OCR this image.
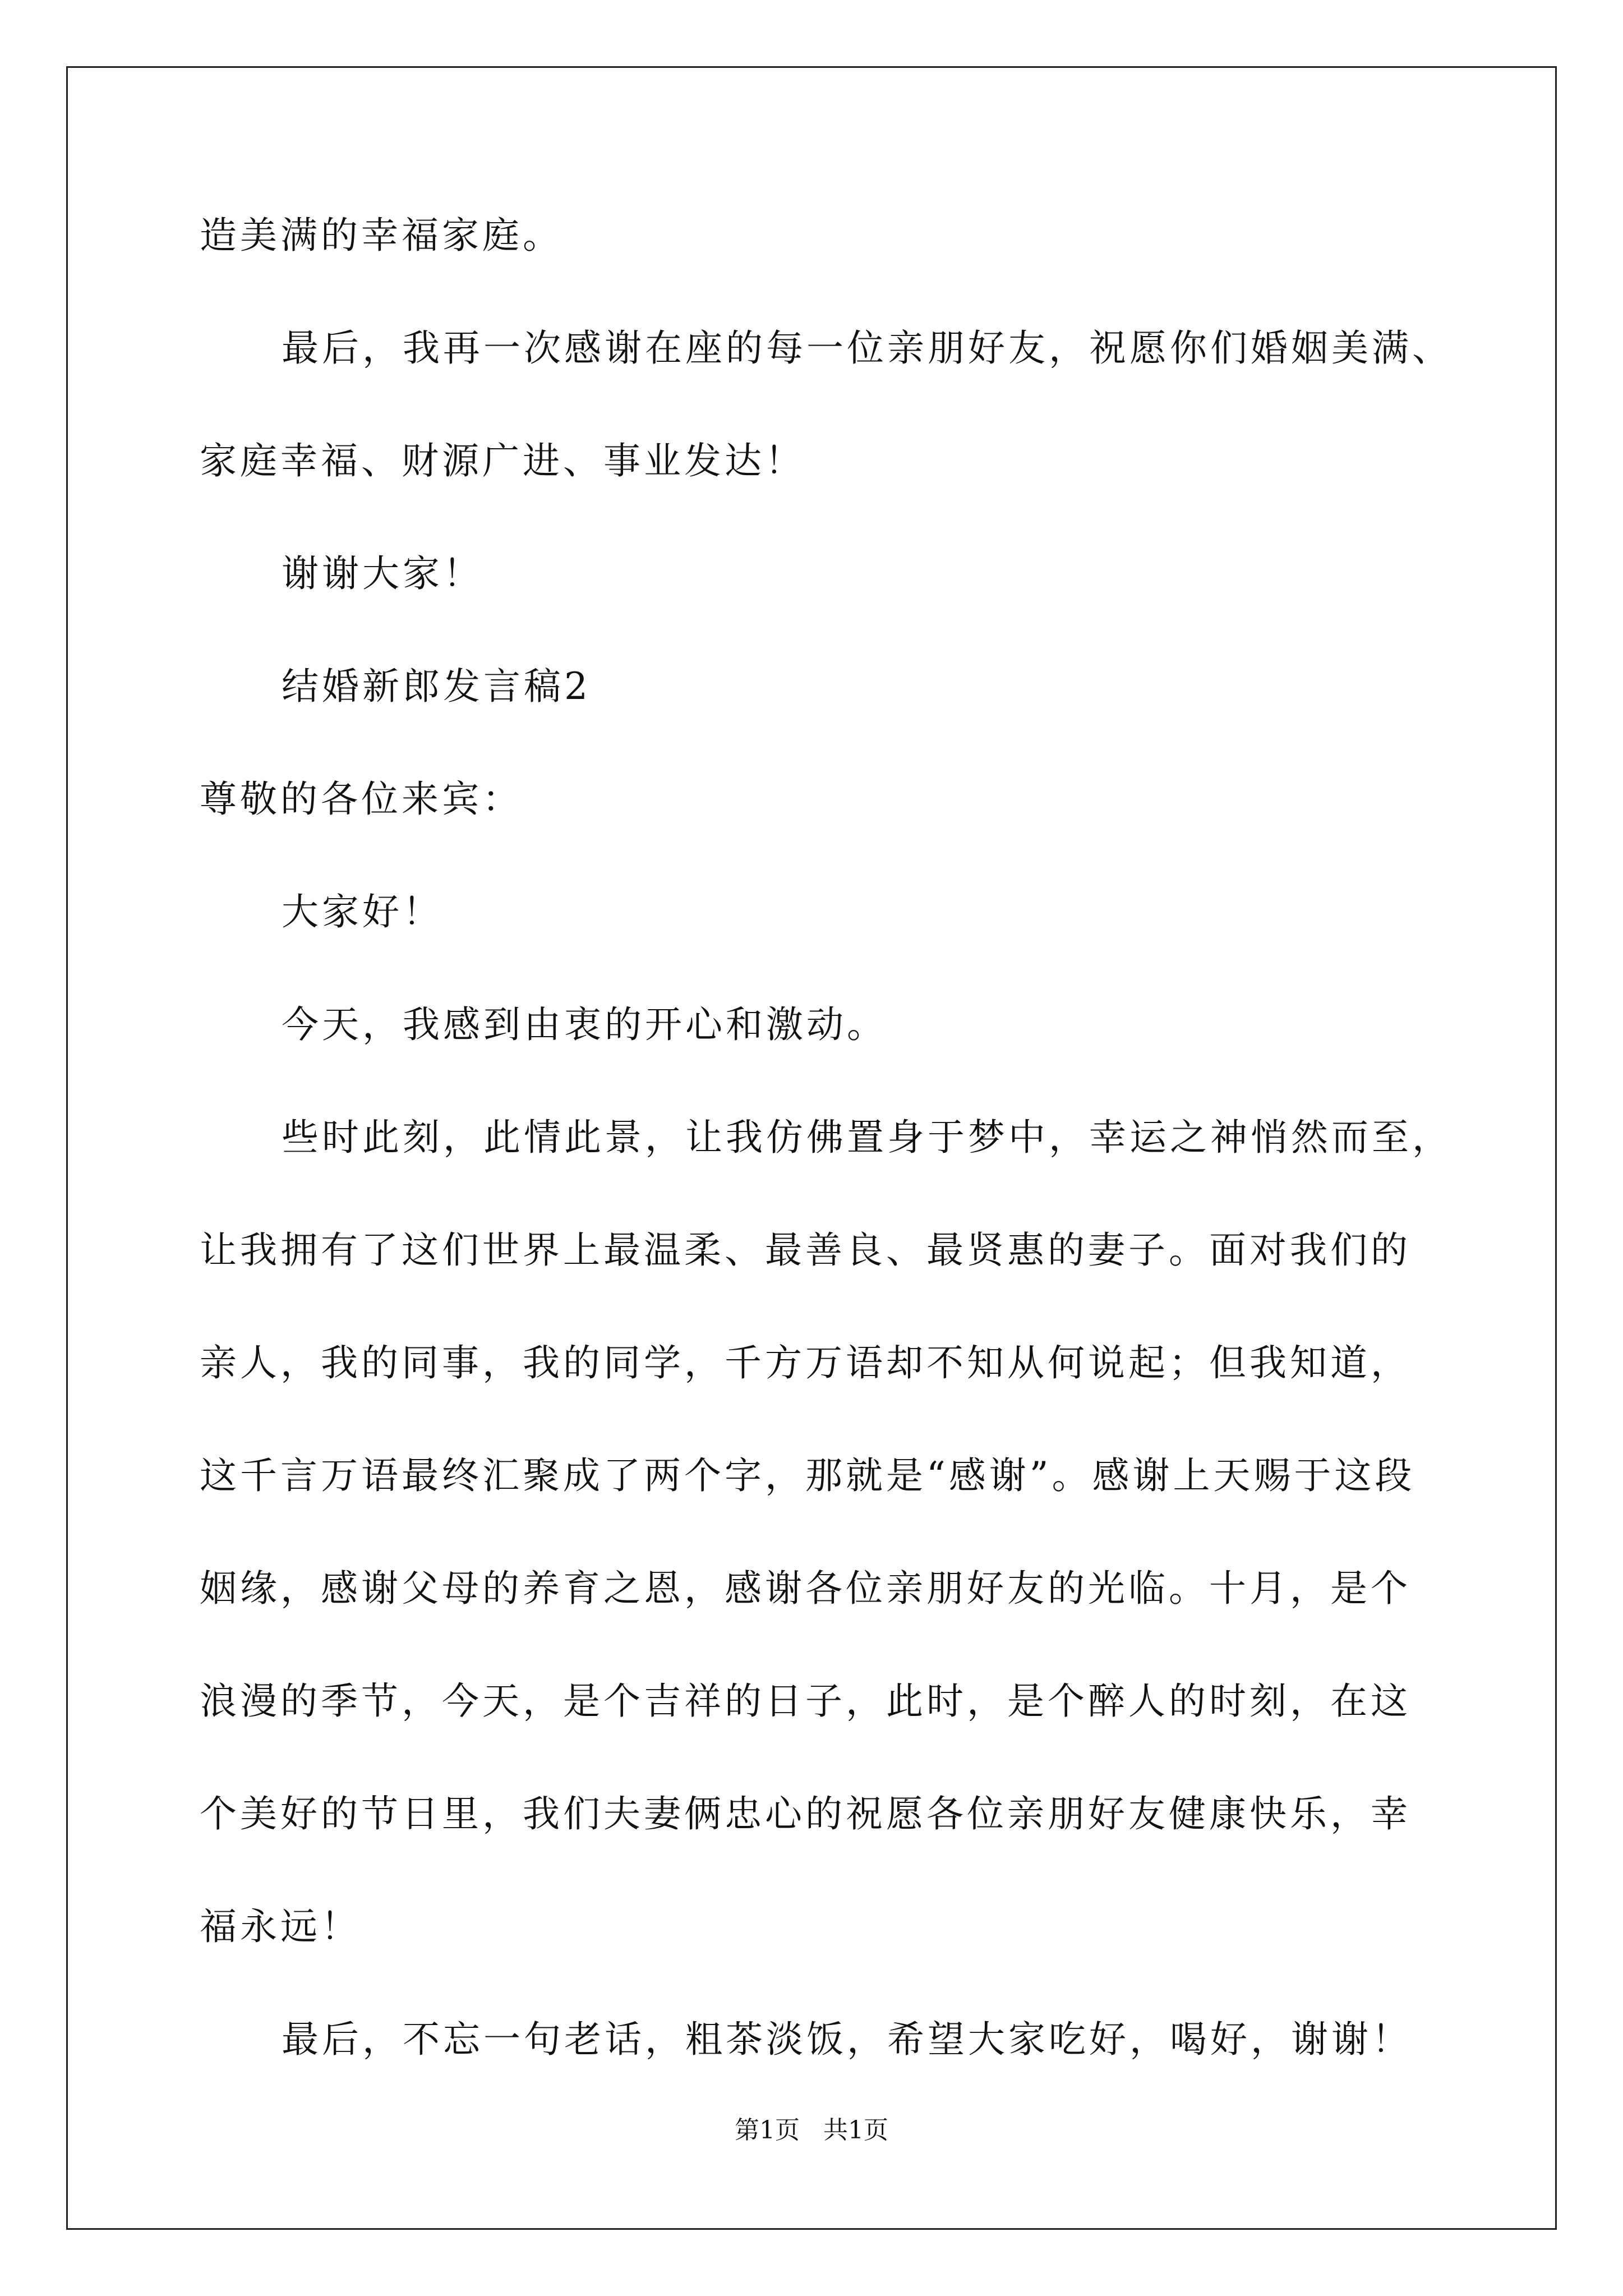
造美满的幸福家庭。
最后，我再一次感谢在座的每一位亲朋好友，祝愿你们婚姻美满、
家庭幸福、财源广进、事业发达！
谢谢大家！
结婚新郎发言稿2
尊敬的各位来宾：
大家好！
今天，我感到由衷的开心和激动。
些时此刻，此情此景，让我仿佛置身于梦中，幸运之神悄然而至，
让我拥有了这们世界上最温柔、最善良、最贤惠的妻子。面对我们的
亲人，我的同事，我的同学，千方万语却不知从何说起；但我知道，
这千言万语最终汇聚成了两个字，那就是“感谢”。感谢上天赐于这段
姻缘，感谢父母的养育之恩，感谢各位亲朋好友的光临。十月，是个
浪漫的季节，今天，是个吉祥的日子，此时，是个醉人的时刻，在这
个美好的节日里，我们夫妻俩忠心的祝愿各位亲朋好友健康快乐，幸
福永远！
最后，不忘一句老话，粗茶淡饭，希望大家吃好，喝好，谢谢！
第1页 共1页
